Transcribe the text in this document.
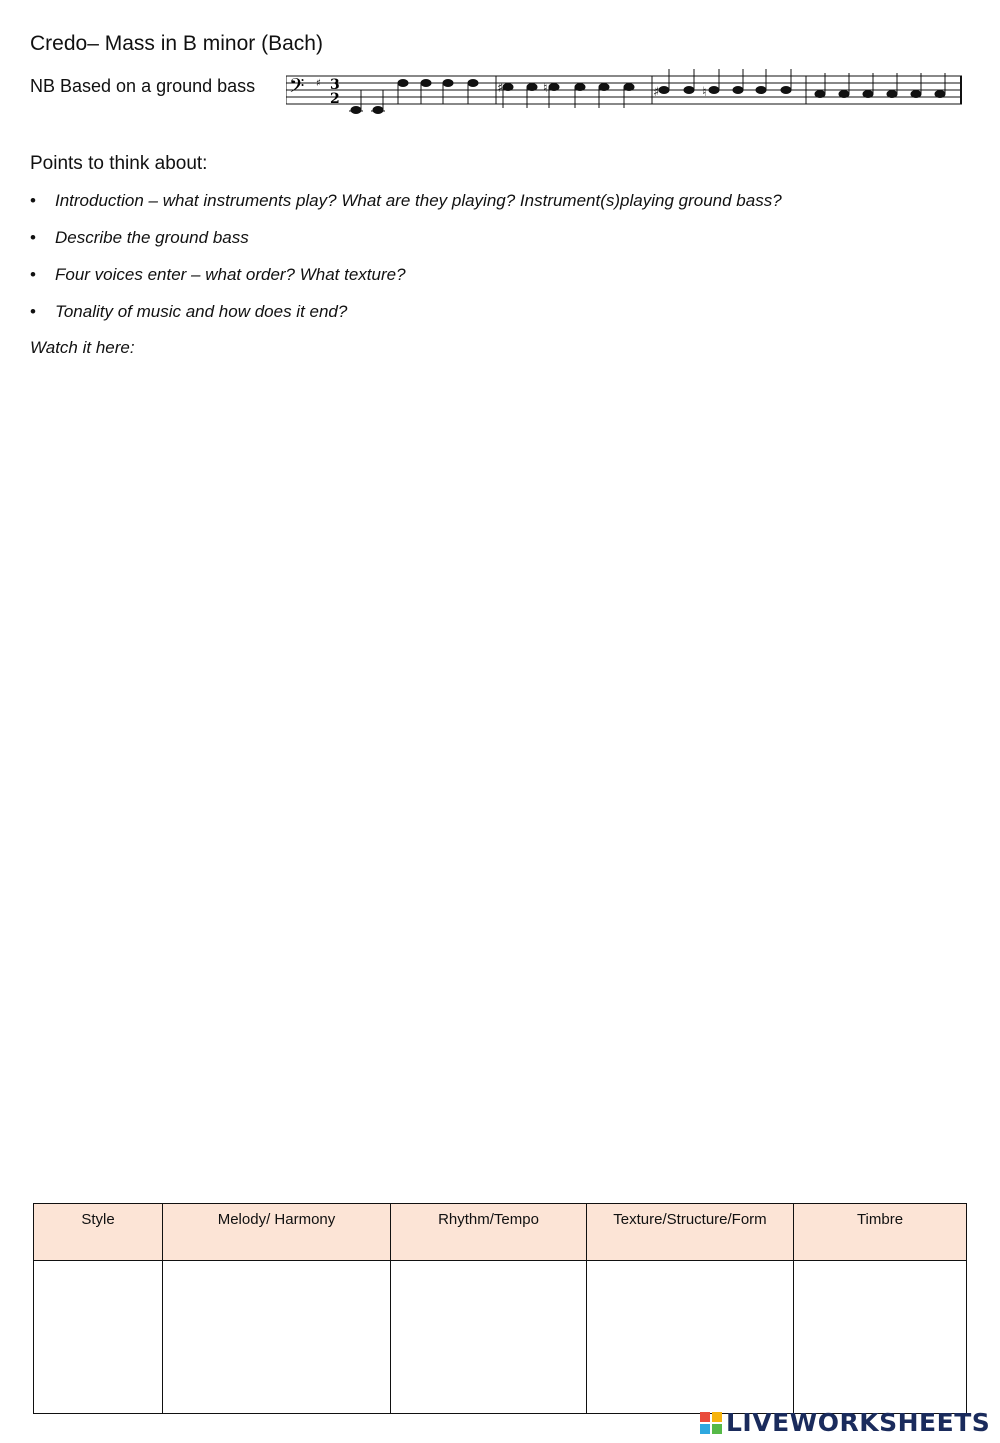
Credo– Mass in B minor (Bach)
NB Based on a ground bass 𝄢 ♯ 3
2
♯	♮	♯	♮
Points to think about:
• Introduction – what instruments play? What are they playing? Instrument(s)playing ground bass?
• Describe the ground bass
• Four voices enter – what order? What texture?
• Tonality of music and how does it end?
Watch it here:
Style	Melody/ Harmony	Rhythm/Tempo	Texture/Structure/Form	Timbre

LIVEWORKSHEETS
